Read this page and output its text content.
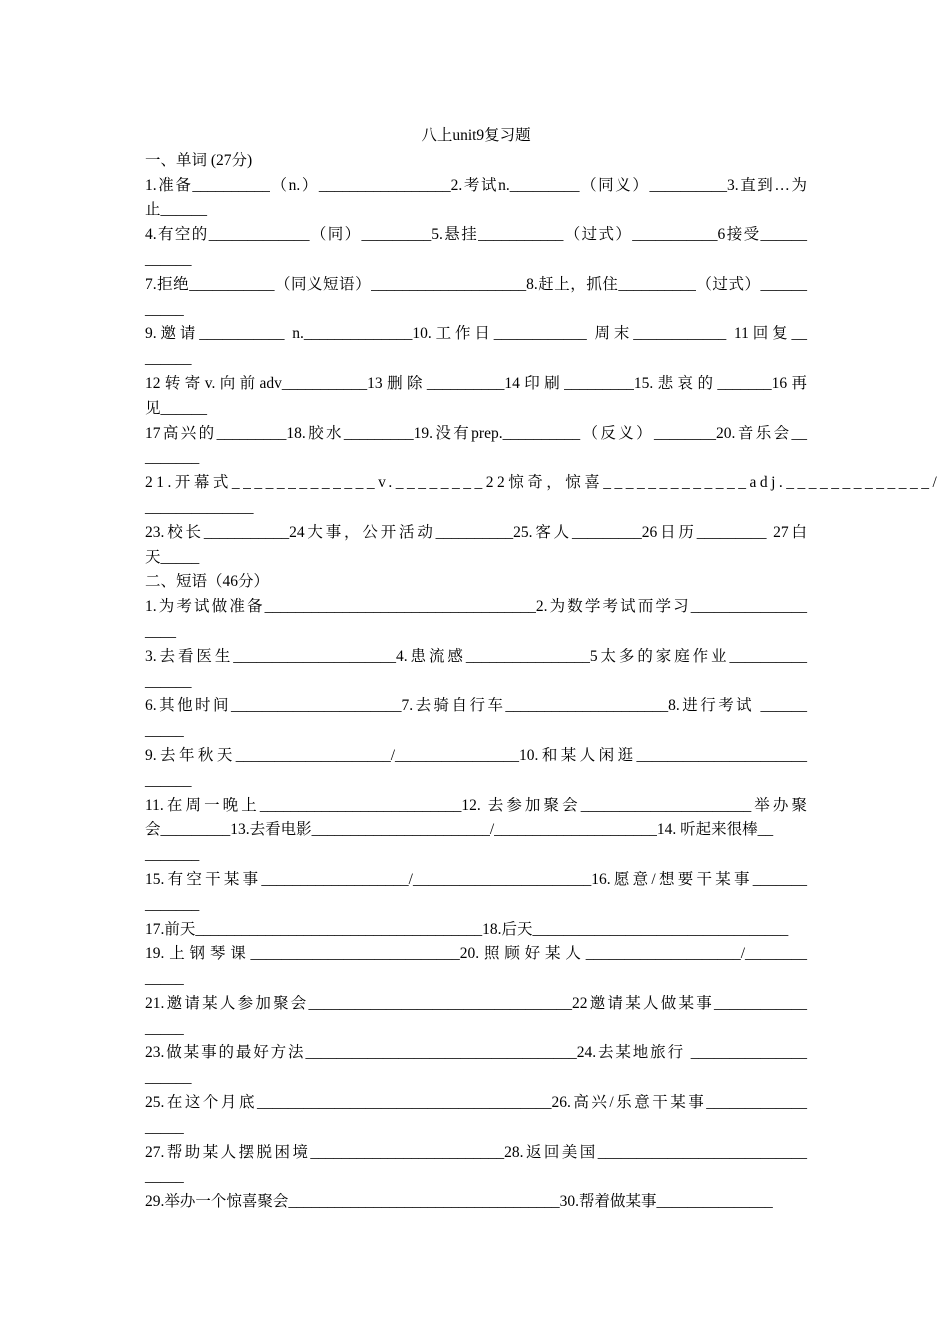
八上unit9复习题
一、单词 (27分)
1.准备__________（n.）_________________2.考试n._________（同义）__________3.直到…为
止______
4.有空的_____________（同）_________5.悬挂___________（过式）___________6接受______
______
7.拒绝___________（同义短语）____________________8.赶上，抓住__________（过式）______
_____
9.邀请___________ n.______________10.工作日____________ 周末____________ 11回复__
______
12转寄v.向前adv___________13删除__________14印刷_________15.悲哀的_______16再
见______
17高兴的_________18.胶水_________19.没有prep.__________（反义）________20.音乐会__
_______
21.开幕式_____________v.________22惊奇，惊喜_____________adj._____________/
______________
23.校长___________24大事，公开活动__________25.客人_________26日历_________ 27白
天_____
二、短语（46分）
1.为考试做准备___________________________________2.为数学考试而学习_______________
____
3.去看医生_____________________4.患流感________________5太多的家庭作业__________
______
6.其他时间______________________7.去骑自行车_____________________8.进行考试 ______
_____
9.去年秋天____________________/________________10.和某人闲逛______________________
______
11.在周一晚上__________________________12. 去参加聚会______________________举办聚
会_________13.去看电影_______________________/_____________________14. 听起来很棒__
_______
15.有空干某事___________________/_______________________16.愿意/想要干某事_______
_______
17.前天_____________________________________18.后天_________________________________
19.上钢琴课___________________________20.照顾好某人____________________/________
_____
21.邀请某人参加聚会__________________________________22邀请某人做某事____________
_____
23.做某事的最好方法___________________________________24.去某地旅行 _______________
______
25.在这个月底______________________________________26.高兴/乐意干某事_____________
_____
27.帮助某人摆脱困境_________________________28.返回美国___________________________
_____
29.举办一个惊喜聚会___________________________________30.帮着做某事_______________
